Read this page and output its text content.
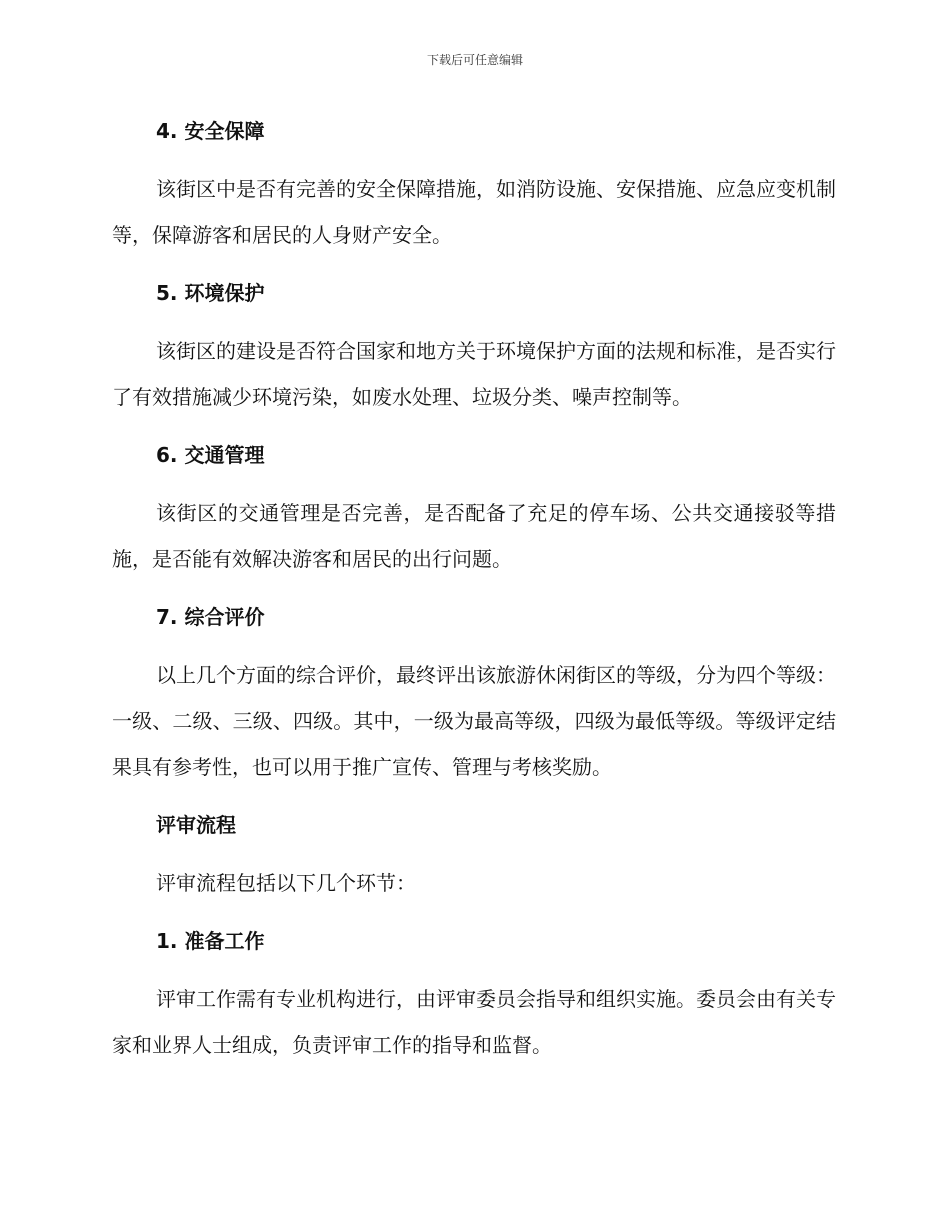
下载后可任意编辑
4. 安全保障

该街区中是否有完善的安全保障措施，如消防设施、安保措施、应急应变机制等，保障游客和居民的人身财产安全。

5. 环境保护

该街区的建设是否符合国家和地方关于环境保护方面的法规和标准，是否实行了有效措施减少环境污染，如废水处理、垃圾分类、噪声控制等。

6. 交通管理

该街区的交通管理是否完善，是否配备了充足的停车场、公共交通接驳等措施，是否能有效解决游客和居民的出行问题。

7. 综合评价

以上几个方面的综合评价，最终评出该旅游休闲街区的等级，分为四个等级：一级、二级、三级、四级。其中，一级为最高等级，四级为最低等级。等级评定结果具有参考性，也可以用于推广宣传、管理与考核奖励。

评审流程

评审流程包括以下几个环节：

1. 准备工作

评审工作需有专业机构进行，由评审委员会指导和组织实施。委员会由有关专家和业界人士组成，负责评审工作的指导和监督。
